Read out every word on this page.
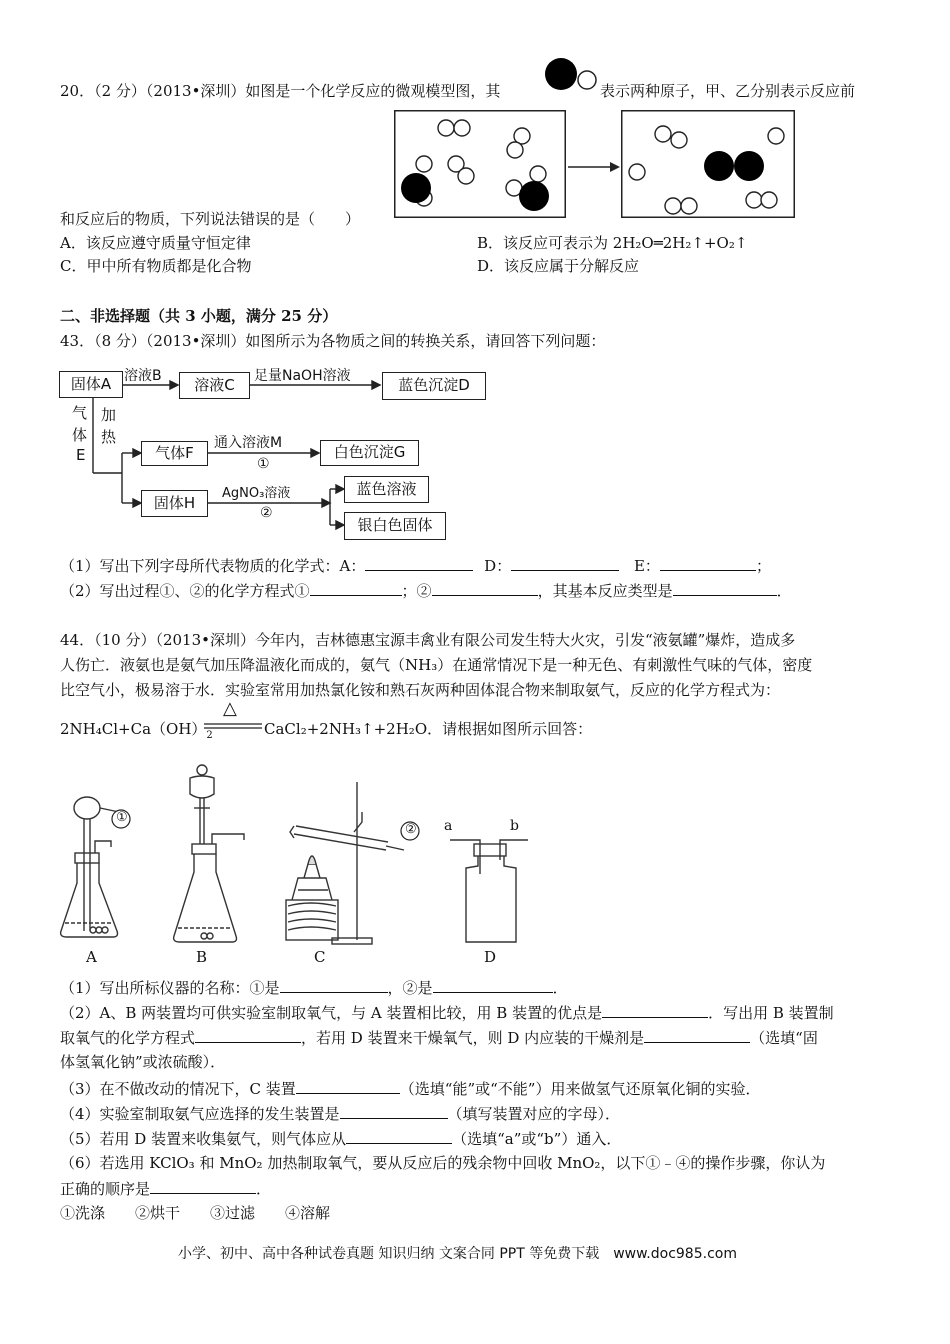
20．（2 分）（2013•深圳）如图是一个化学反应的微观模型图，其	表示两种原子，甲、乙分别表示反应前
和反应后的物质，下列说法错误的是（　　）
A．该反应遵守质量守恒定律	B．该反应可表示为 2H₂O═2H₂↑+O₂↑
C．甲中所有物质都是化合物	D．该反应属于分解反应
二、非选择题（共 3 小题，满分 25 分）
43．（8 分）（2013•深圳）如图所示为各物质之间的转换关系，请回答下列问题：
固体A 溶液B	溶液C	足量NaOH溶液	蓝色沉淀D
气
体
E
加
热
气体F
通入溶液M
①
白色沉淀G
固体H
AgNO₃溶液
②
蓝色溶液
银白色固体
（1）写出下列字母所代表物质的化学式：A：	D：	E：	；
（2）写出过程①、②的化学方程式①	；②	，其基本反应类型是	．
44．（10 分）（2013•深圳）今年内，吉林德惠宝源丰禽业有限公司发生特大火灾，引发“液氨罐”爆炸，造成多
人伤亡．液氨也是氨气加压降温液化而成的，氨气（NH₃）在通常情况下是一种无色、有刺激性气味的气体，密度
比空气小，极易溶于水．实验室常用加热氯化铵和熟石灰两种固体混合物来制取氨气，反应的化学方程式为：
$2NH_4Cl+Ca(OH)_2$
△
CaCl₂+2NH₃↑+2H₂O．请根据如图所示回答：
①
A	B
②
C
a	b
D
（1）写出所标仪器的名称：①是	，②是	．
（2）A、B 两装置均可供实验室制取氧气，与 A 装置相比较，用 B 装置的优点是	．写出用 B 装置制
取氧气的化学方程式	，若用 D 装置来干燥氧气，则 D 内应装的干燥剂是	（选填“固
体氢氧化钠”或浓硫酸）．
（3）在不做改动的情况下，C 装置	（选填“能”或“不能”）用来做氢气还原氧化铜的实验．
（4）实验室制取氨气应选择的发生装置是	（填写装置对应的字母）．
（5）若用 D 装置来收集氨气，则气体应从	（选填“a”或“b”）通入．
（6）若选用 KClO₃ 和 MnO₂ 加热制取氧气，要从反应后的残余物中回收 MnO₂，以下①﹣④的操作步骤，你认为
正确的顺序是	．
①洗涤　　②烘干　　③过滤　　④溶解
小学、初中、高中各种试卷真题 知识归纳 文案合同 PPT 等免费下载　www.doc985.com
